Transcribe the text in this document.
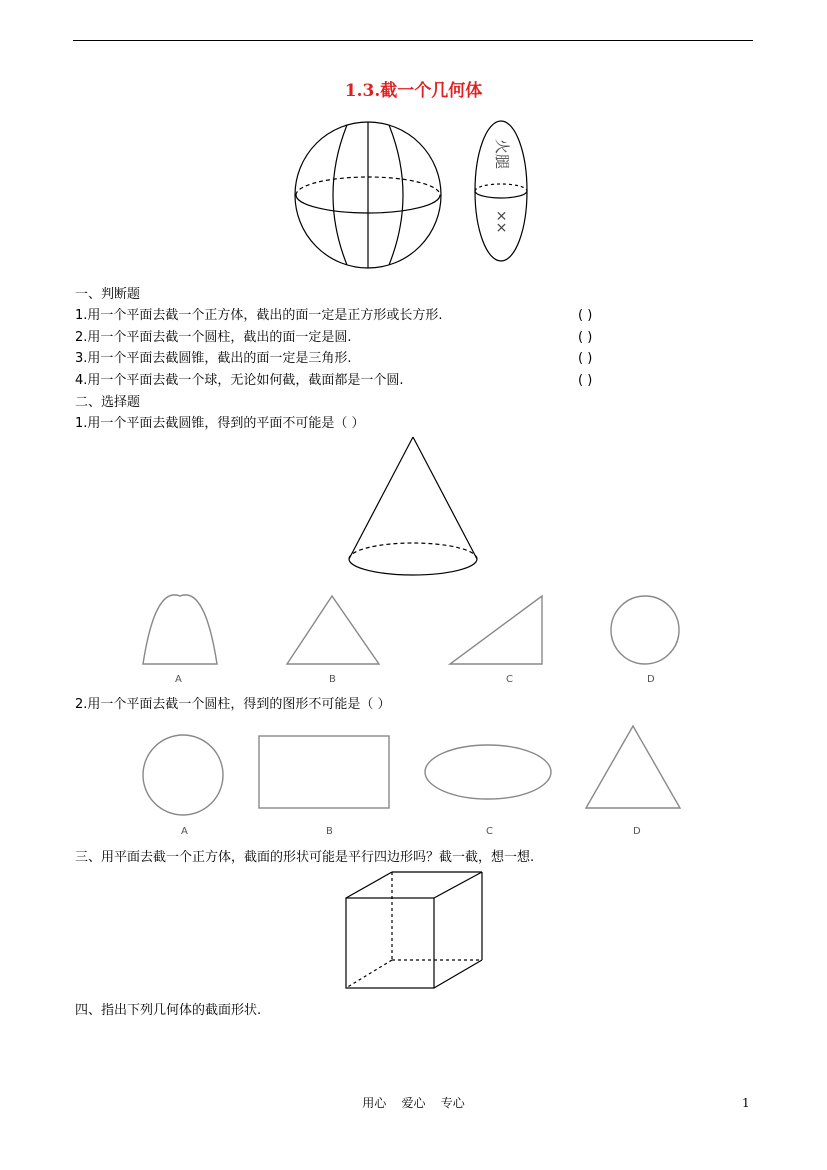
1.3.截一个几何体
火腿
××
一、判断题
1.用一个平面去截一个正方体，截出的面一定是正方形或长方形.	( )
2.用一个平面去截一个圆柱，截出的面一定是圆.	( )
3.用一个平面去截圆锥，截出的面一定是三角形.	( )
4.用一个平面去截一个球，无论如何截，截面都是一个圆.	( )
二、选择题
1.用一个平面去截圆锥，得到的平面不可能是（ ）
A	B	C	D
2.用一个平面去截一个圆柱，得到的图形不可能是（ ）
A	B	C	D
三、用平面去截一个正方体，截面的形状可能是平行四边形吗？截一截，想一想.
四、指出下列几何体的截面形状.
用心    爱心    专心	1
